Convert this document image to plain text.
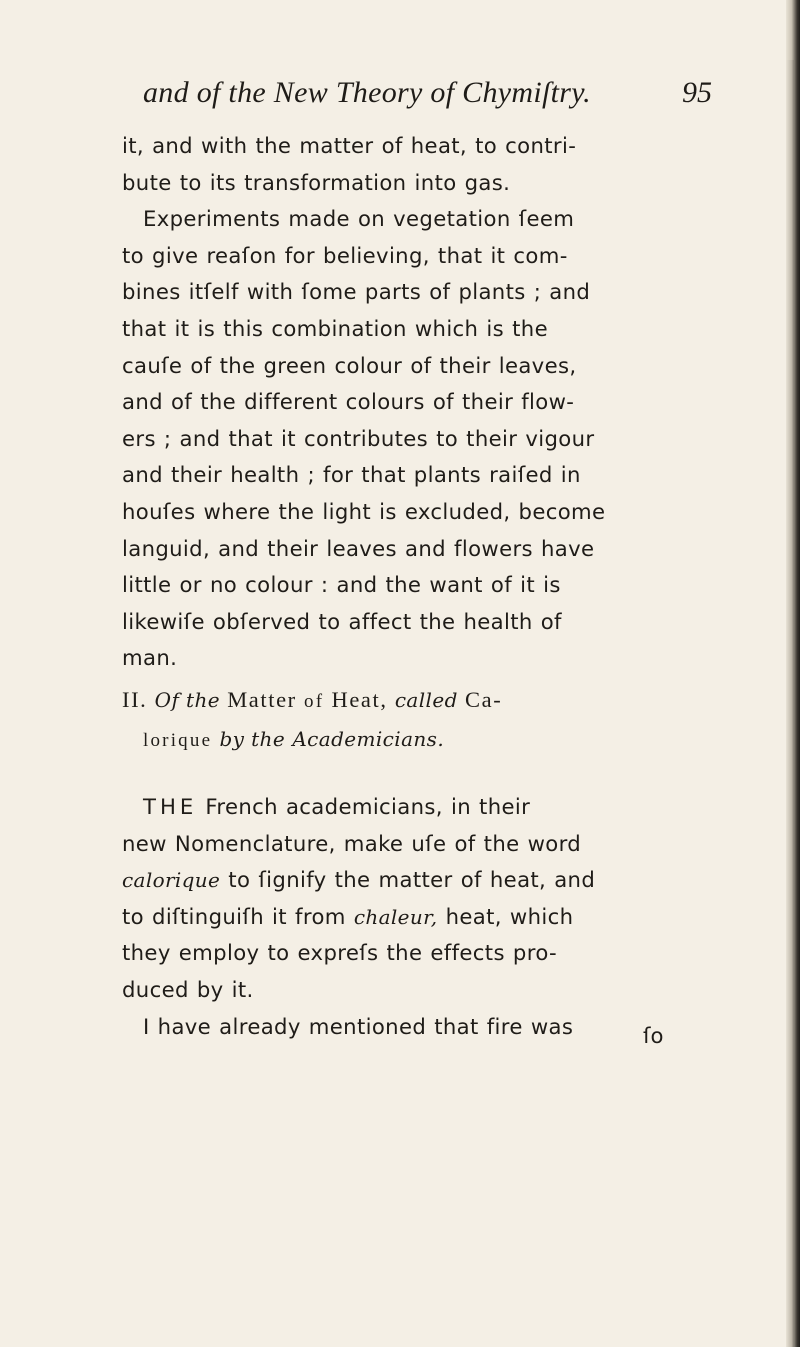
and of the New Theory of Chymiſtry.	95
it, and with the matter of heat, to contri-
bute to its transformation into gas.
Experiments made on vegetation ſeem
to give reaſon for believing, that it com-
bines itſelf with ſome parts of plants ; and
that it is this combination which is the
cauſe of the green colour of their leaves,
and of the different colours of their flow-
ers ; and that it contributes to their vigour
and their health ; for that plants raiſed in
houſes where the light is excluded, become
languid, and their leaves and flowers have
little or no colour : and the want of it is
likewiſe obſerved to affect the health of
man.
II. Of the Matter of Heat, called Ca-
lorique by the Academicians.
THE French academicians, in their
new Nomenclature, make uſe of the word
calorique to ſignify the matter of heat, and
to diſtinguiſh it from chaleur, heat, which
they employ to expreſs the effects pro-
duced by it.
I have already mentioned that fire was	ſo
